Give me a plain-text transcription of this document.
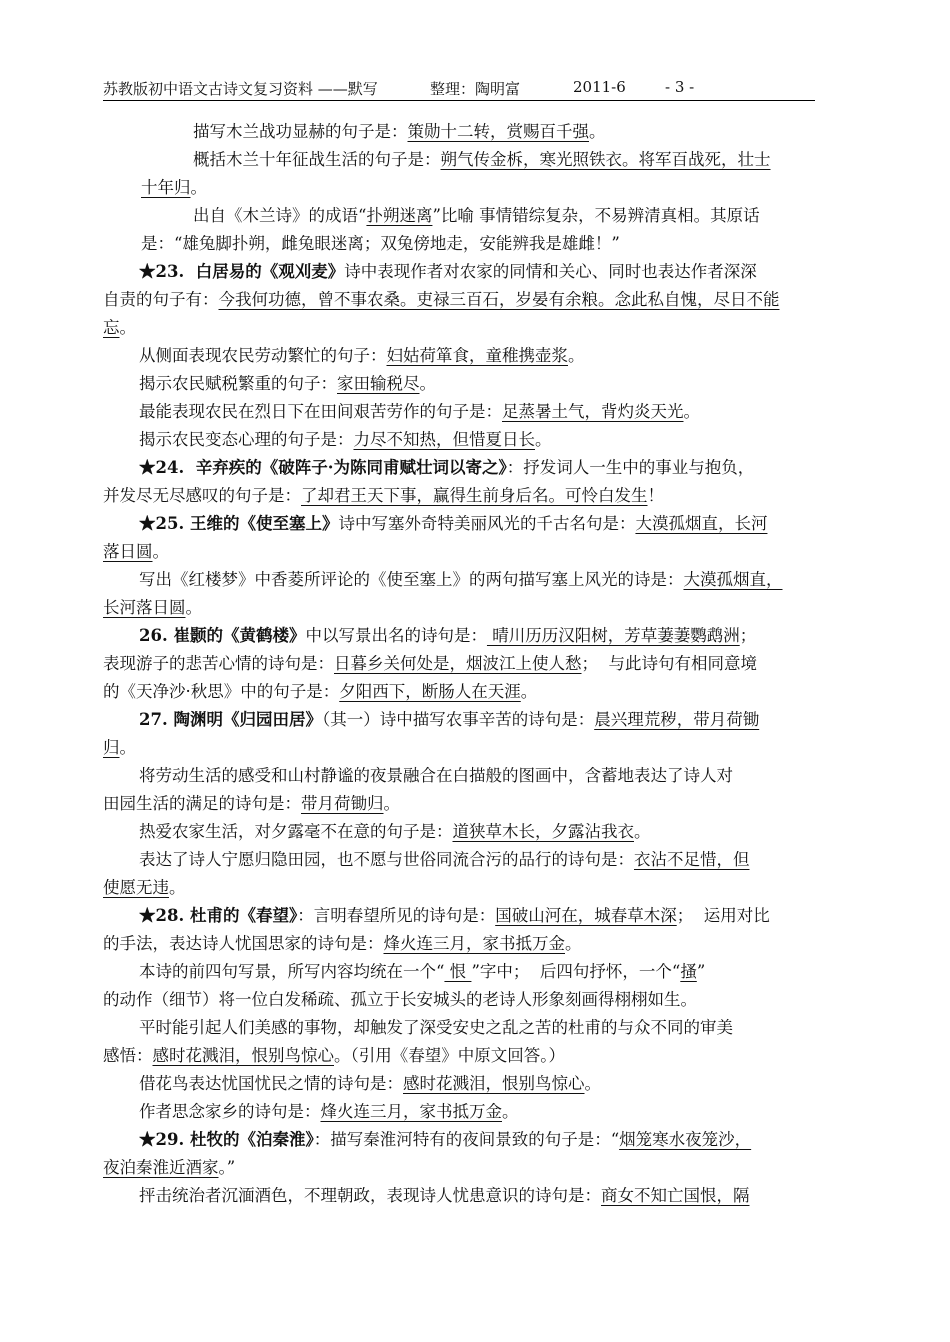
苏教版初中语文古诗文复习资料 ——默写	整理：陶明富	2011-6	- 3 -
描写木兰战功显赫的句子是：策勋十二转，赏赐百千强。
概括木兰十年征战生活的句子是：朔气传金柝，寒光照铁衣。将军百战死，壮士
十年归。
出自《木兰诗》的成语“扑朔迷离”比喻 事情错综复杂，不易辨清真相。其原话
是：“雄兔脚扑朔，雌兔眼迷离；双兔傍地走，安能辨我是雄雌！”
★23.  白居易的《观刈麦》诗中表现作者对农家的同情和关心、同时也表达作者深深
自责的句子有：今我何功德，曾不事农桑。吏禄三百石，岁晏有余粮。念此私自愧，尽日不能
忘。
从侧面表现农民劳动繁忙的句子：妇姑荷箪食，童稚携壶浆。
揭示农民赋税繁重的句子：家田输税尽。
最能表现农民在烈日下在田间艰苦劳作的句子是：足蒸暑土气，背灼炎天光。
揭示农民变态心理的句子是：力尽不知热，但惜夏日长。
★24.  辛弃疾的《破阵子·为陈同甫赋壮词以寄之》：抒发词人一生中的事业与抱负，
并发尽无尽感叹的句子是：了却君王天下事，赢得生前身后名。可怜白发生！
★25. 王维的《使至塞上》诗中写塞外奇特美丽风光的千古名句是：大漠孤烟直，长河
落日圆。
写出《红楼梦》中香菱所评论的《使至塞上》的两句描写塞上风光的诗是：大漠孤烟直，
长河落日圆。
26. 崔颢的《黄鹤楼》中以写景出名的诗句是： 晴川历历汉阳树，芳草萋萋鹦鹉洲；
表现游子的悲苦心情的诗句是：日暮乡关何处是，烟波江上使人愁；  与此诗句有相同意境
的《天净沙·秋思》中的句子是：夕阳西下，断肠人在天涯。
27. 陶渊明《归园田居》（其一）诗中描写农事辛苦的诗句是：晨兴理荒秽，带月荷锄
归。
将劳动生活的感受和山村静谧的夜景融合在白描般的图画中，含蓄地表达了诗人对
田园生活的满足的诗句是：带月荷锄归。
热爱农家生活，对夕露毫不在意的句子是：道狭草木长，夕露沾我衣。
表达了诗人宁愿归隐田园，也不愿与世俗同流合污的品行的诗句是：衣沾不足惜，但
使愿无违。
★28. 杜甫的《春望》：言明春望所见的诗句是：国破山河在，城春草木深；  运用对比
的手法，表达诗人忧国思家的诗句是：烽火连三月，家书抵万金。
本诗的前四句写景，所写内容均统在一个“ 恨 ”字中；  后四句抒怀，一个“搔”
的动作（细节）将一位白发稀疏、孤立于长安城头的老诗人形象刻画得栩栩如生。
平时能引起人们美感的事物，却触发了深受安史之乱之苦的杜甫的与众不同的审美
感悟：感时花溅泪，恨别鸟惊心。（引用《春望》中原文回答。）
借花鸟表达忧国忧民之情的诗句是：感时花溅泪，恨别鸟惊心。
作者思念家乡的诗句是：烽火连三月，家书抵万金。
★29. 杜牧的《泊秦淮》：描写秦淮河特有的夜间景致的句子是：“烟笼寒水夜笼沙，
夜泊秦淮近酒家。”
抨击统治者沉湎酒色，不理朝政，表现诗人忧患意识的诗句是：商女不知亡国恨，隔
